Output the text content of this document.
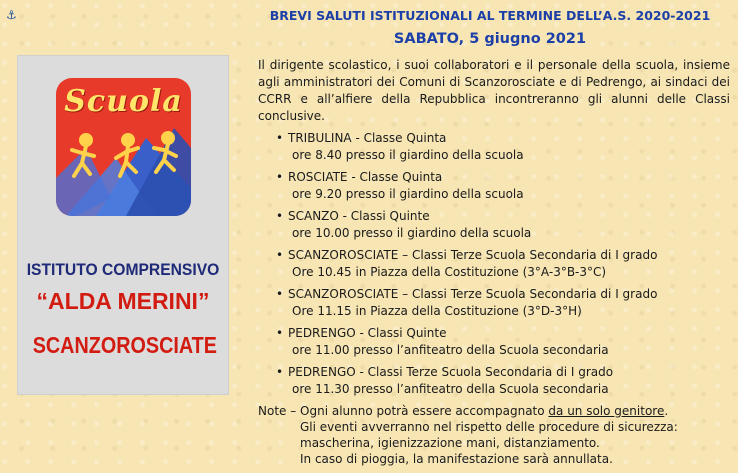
⚓
Scuola
ISTITUTO COMPRENSIVO
“ALDA MERINI”
SCANZOROSCIATE
BREVI SALUTI ISTITUZIONALI AL TERMINE DELL’A.S. 2020-2021
SABATO, 5 giugno 2021
Il dirigente scolastico, i suoi collaboratori e il personale della scuola, insieme agli amministratori dei Comuni di Scanzorosciate e di Pedrengo, ai sindaci dei CCRR e all’alfiere della Repubblica incontreranno gli alunni delle Classi conclusive.
• TRIBULINA - Classe Quinta
ore 8.40 presso il giardino della scuola
• ROSCIATE - Classe Quinta
ore 9.20 presso il giardino della scuola
• SCANZO - Classi Quinte
ore 10.00 presso il giardino della scuola
• SCANZOROSCIATE – Classi Terze Scuola Secondaria di I grado
Ore 10.45 in Piazza della Costituzione (3°A-3°B-3°C)
• SCANZOROSCIATE – Classi Terze Scuola Secondaria di I grado
Ore 11.15 in Piazza della Costituzione (3°D-3°H)
• PEDRENGO - Classi Quinte
ore 11.00 presso l’anfiteatro della Scuola secondaria
• PEDRENGO - Classi Terze Scuola Secondaria di I grado
ore 11.30 presso l’anfiteatro della Scuola secondaria
Note – Ogni alunno potrà essere accompagnato da un solo genitore.
Gli eventi avverranno nel rispetto delle procedure di sicurezza:
mascherina, igienizzazione mani, distanziamento.
In caso di pioggia, la manifestazione sarà annullata.
